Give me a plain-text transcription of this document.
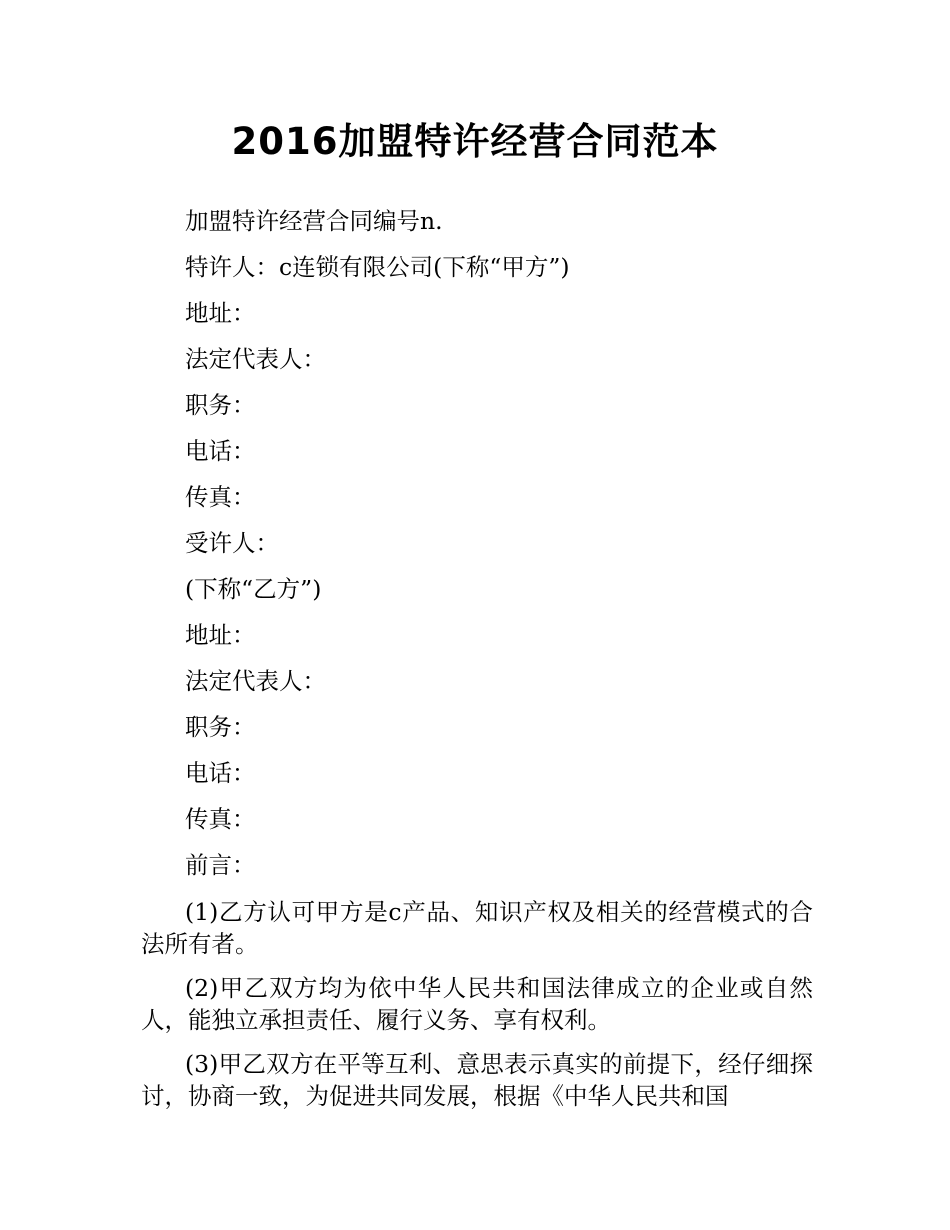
2016加盟特许经营合同范本

加盟特许经营合同编号n.

特许人：c连锁有限公司(下称“甲方”)

地址：

法定代表人：

职务：

电话：

传真：

受许人：

(下称“乙方”)

地址：

法定代表人：

职务：

电话：

传真：

前言：

(1)乙方认可甲方是c产品、知识产权及相关的经营模式的合法所有者。

(2)甲乙双方均为依中华人民共和国法律成立的企业或自然人，能独立承担责任、履行义务、享有权利。

(3)甲乙双方在平等互利、意思表示真实的前提下，经仔细探讨，协商一致，为促进共同发展，根据《中华人民共和国
